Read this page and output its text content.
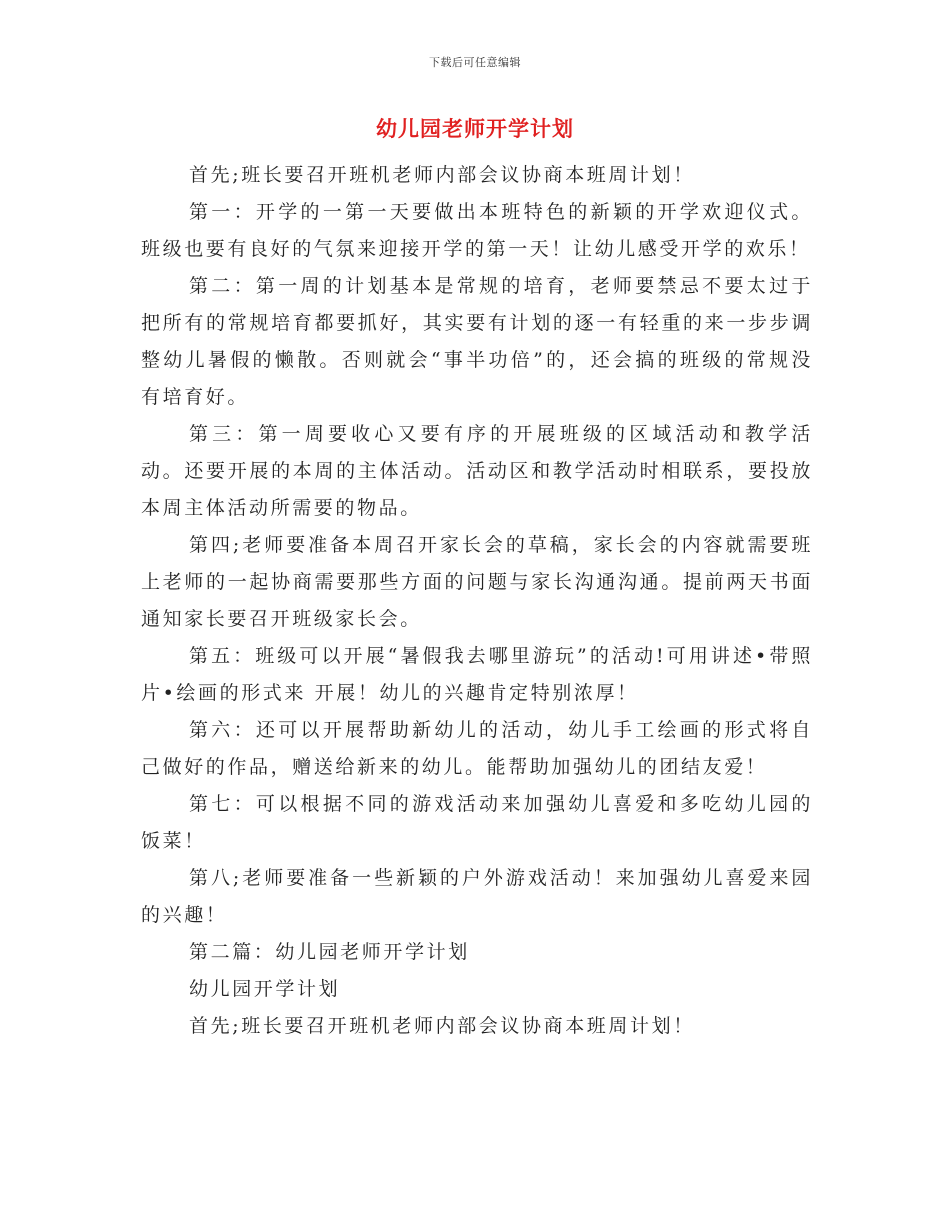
下载后可任意编辑
幼儿园老师开学计划

首先;班长要召开班机老师内部会议协商本班周计划！

第一：开学的一第一天要做出本班特色的新颖的开学欢迎仪式。班级也要有良好的气氛来迎接开学的第一天！让幼儿感受开学的欢乐！

第二：第一周的计划基本是常规的培育，老师要禁忌不要太过于把所有的常规培育都要抓好，其实要有计划的逐一有轻重的来一步步调整幼儿暑假的懒散。否则就会“事半功倍”的，还会搞的班级的常规没有培育好。

第三：第一周要收心又要有序的开展班级的区域活动和教学活动。还要开展的本周的主体活动。活动区和教学活动时相联系，要投放本周主体活动所需要的物品。

第四;老师要准备本周召开家长会的草稿，家长会的内容就需要班上老师的一起协商需要那些方面的问题与家长沟通沟通。提前两天书面通知家长要召开班级家长会。

第五：班级可以开展“暑假我去哪里游玩”的活动!可用讲述•带照片•绘画的形式来 开展！幼儿的兴趣肯定特别浓厚！

第六：还可以开展帮助新幼儿的活动，幼儿手工绘画的形式将自己做好的作品，赠送给新来的幼儿。能帮助加强幼儿的团结友爱！

第七：可以根据不同的游戏活动来加强幼儿喜爱和多吃幼儿园的饭菜！

第八;老师要准备一些新颖的户外游戏活动！来加强幼儿喜爱来园的兴趣！

第二篇：幼儿园老师开学计划

幼儿园开学计划

首先;班长要召开班机老师内部会议协商本班周计划！
